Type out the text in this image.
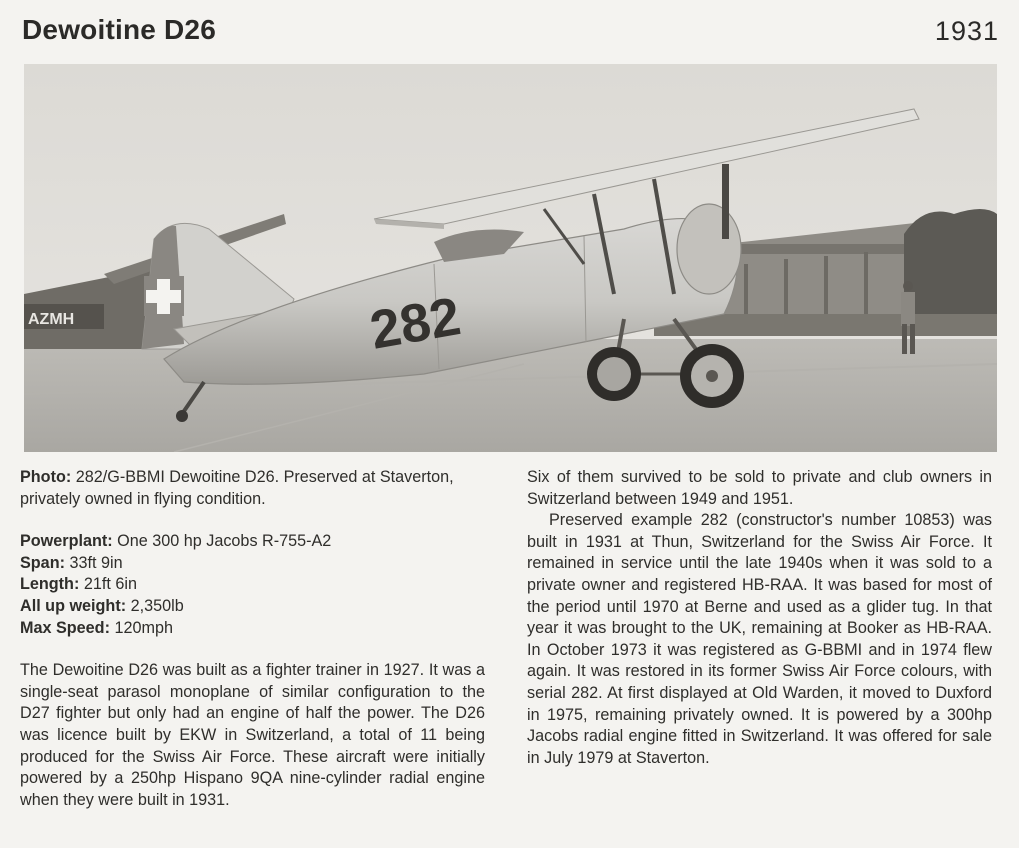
Dewoitine D26	1931
AZMH	282

Photo: 282/G-BBMI Dewoitine D26. Preserved at Staverton, privately owned in flying condition.

Powerplant: One 300 hp Jacobs R-755-A2

Span: 33ft 9in

Length: 21ft 6in

All up weight: 2,350lb

Max Speed: 120mph

The Dewoitine D26 was built as a fighter trainer in 1927. It was a single-seat parasol monoplane of similar configuration to the D27 fighter but only had an engine of half the power. The D26 was licence built by EKW in Switzerland, a total of 11 being produced for the Swiss Air Force. These aircraft were initially powered by a 250hp Hispano 9QA nine-cylinder radial engine when they were built in 1931.

Six of them survived to be sold to private and club owners in Switzerland between 1949 and 1951.

Preserved example 282 (constructor's number 10853) was built in 1931 at Thun, Switzerland for the Swiss Air Force. It remained in service until the late 1940s when it was sold to a private owner and registered HB-RAA. It was based for most of the period until 1970 at Berne and used as a glider tug. In that year it was brought to the UK, remaining at Booker as HB-RAA. In October 1973 it was registered as G-BBMI and in 1974 flew again. It was restored in its former Swiss Air Force colours, with serial 282. At first displayed at Old Warden, it moved to Duxford in 1975, remaining privately owned. It is powered by a 300hp Jacobs radial engine fitted in Switzerland. It was offered for sale in July 1979 at Staverton.
